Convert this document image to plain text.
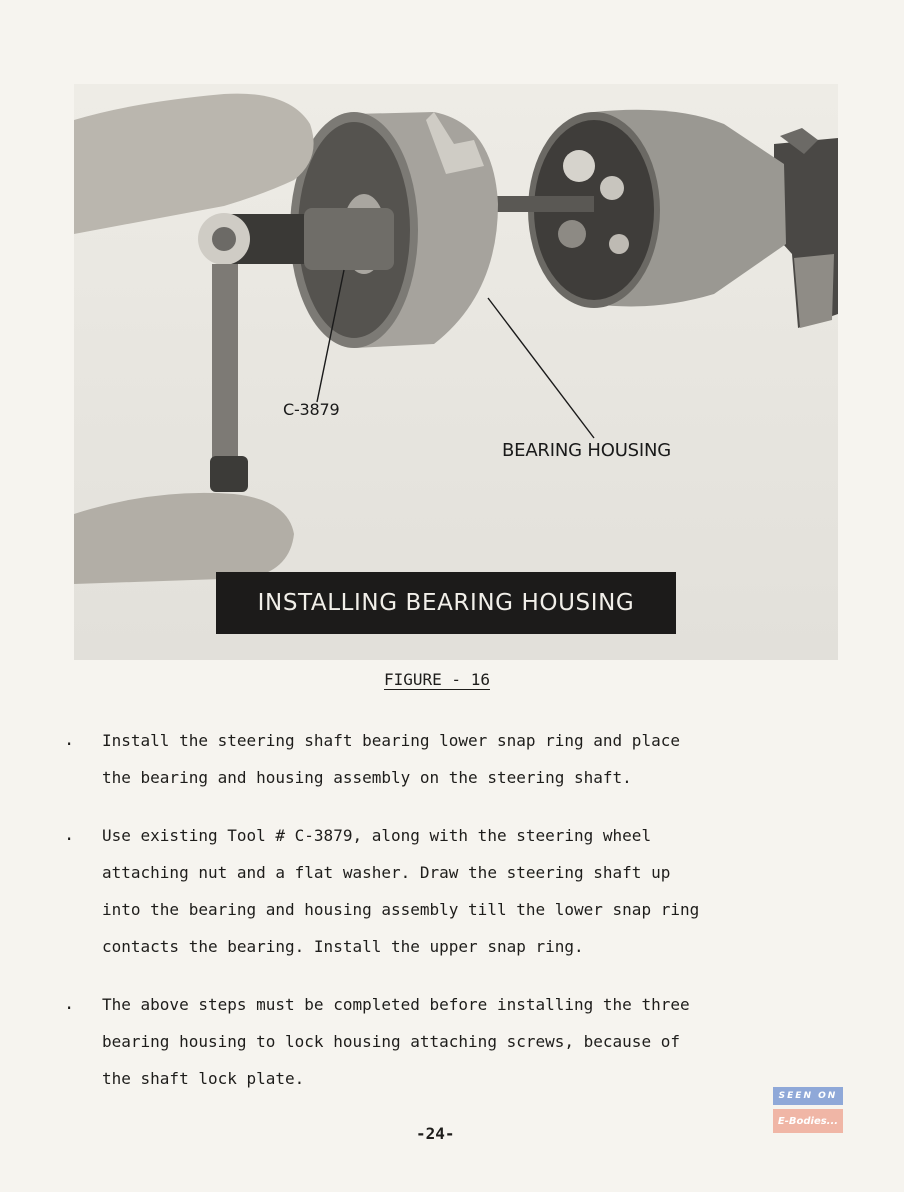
C-3879
BEARING HOUSING
INSTALLING BEARING HOUSING
FIGURE - 16
. Install the steering shaft bearing lower snap ring and place
the bearing and housing assembly on the steering shaft.
. Use existing Tool # C-3879, along with the steering wheel
attaching nut and a flat washer. Draw the steering shaft up
into the bearing and housing assembly till the lower snap ring
contacts the bearing. Install the upper snap ring.
. The above steps must be completed before installing the three
bearing housing to lock housing attaching screws, because of
the shaft lock plate.
-24-
SEEN ON
E-Bodies...
